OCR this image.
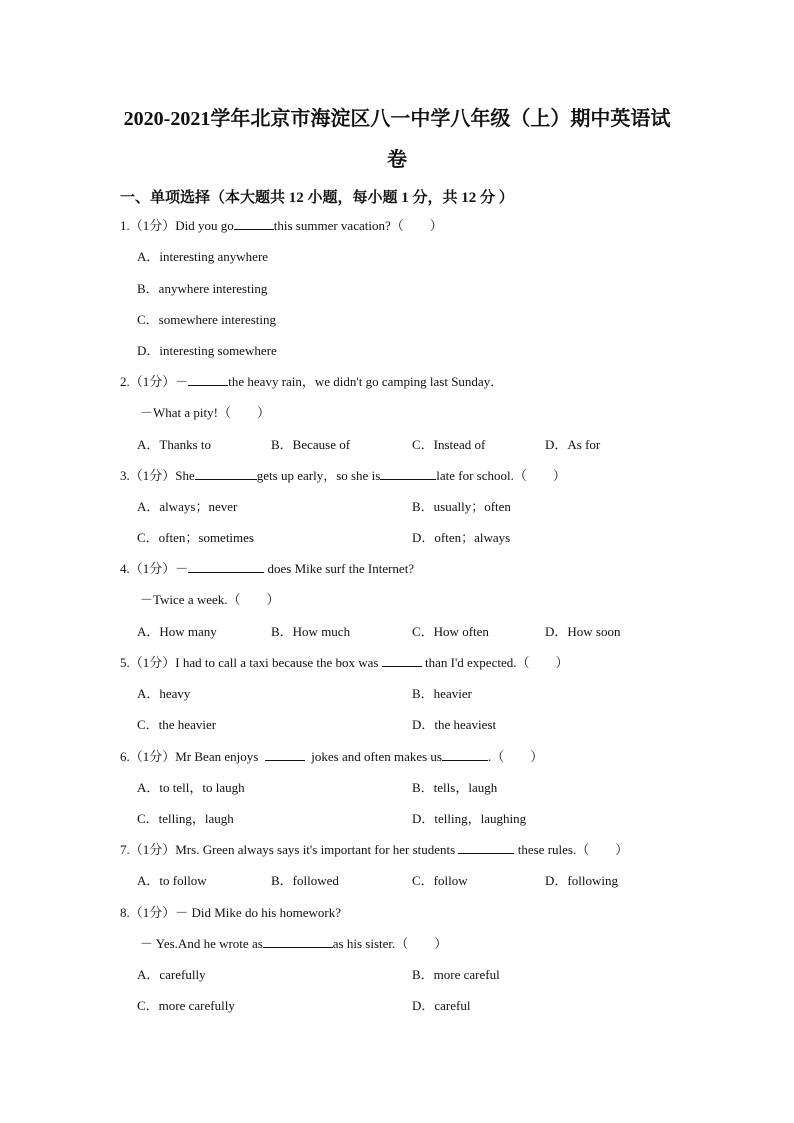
2020-2021学年北京市海淀区八一中学八年级（上）期中英语试
卷
一、单项选择（本大题共 12 小题，每小题 1 分，共 12 分 ）
1.（1分）Did you go	this summer vacation?（　　）
A．interesting anywhere
B．anywhere interesting
C．somewhere interesting
D．interesting somewhere
2.（1分）－	the heavy rain，we didn't go camping last Sunday．
－What a pity!（　　）
A．Thanks to	B．Because of	C．Instead of	D．As for
3.（1分）She	gets up early，so she is	late for school.（　　）
A．always；never	B．usually；often
C．often；sometimes	D．often；always
4.（1分）－	does Mike surf the Internet?
－Twice a week.（　　）
A．How many	B．How much	C．How often	D．How soon
5.（1分）I had to call a taxi because the box was	than I'd expected.（　　）
A．heavy	B．heavier
C．the heavier	D．the heaviest
6.（1分）Mr Bean enjoys	jokes and often makes us	.（　　）
A．to tell，to laugh	B．tells，laugh
C．telling，laugh	D．telling，laughing
7.（1分）Mrs. Green always says it's important for her students	these rules.（　　）
A．to follow	B．followed	C．follow	D．following
8.（1分）－ Did Mike do his homework?
－ Yes.And he wrote as	as his sister.（　　）
A．carefully	B．more careful
C．more carefully	D．careful
